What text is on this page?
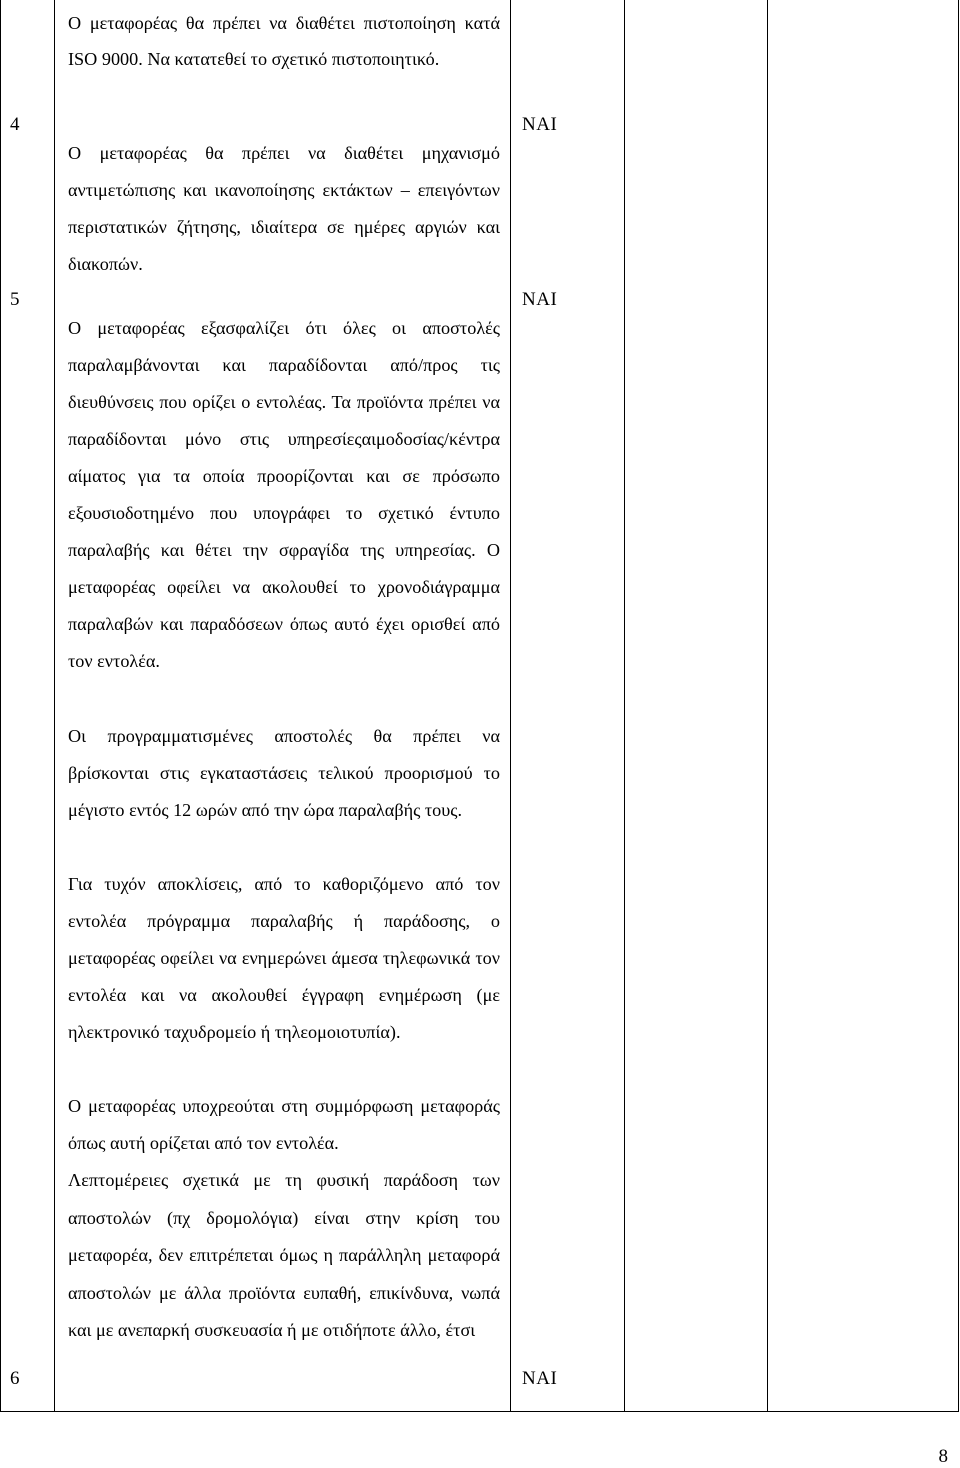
4
Ο μεταφορέας θα πρέπει να διαθέτει πιστοποίηση κατά ISO 9000. Να κατατεθεί το σχετικό πιστοποιητικό.
ΝΑΙ
5
Ο μεταφορέας θα πρέπει να διαθέτει μηχανισμό αντιμετώπισης και ικανοποίησης εκτάκτων – επειγόντων περιστατικών ζήτησης, ιδιαίτερα σε ημέρες αργιών και διακοπών.
ΝΑΙ
6
Ο μεταφορέας εξασφαλίζει ότι όλες οι αποστολές παραλαμβάνονται και παραδίδονται από/προς τις διευθύνσεις που ορίζει ο εντολέας. Τα προϊόντα πρέπει να παραδίδονται μόνο στις υπηρεσίεςαιμοδοσίας/κέντρα αίματος για τα οποία προορίζονται και σε πρόσωπο εξουσιοδοτημένο που υπογράφει το σχετικό έντυπο παραλαβής και θέτει την σφραγίδα της υπηρεσίας. Ο μεταφορέας οφείλει να ακολουθεί το χρονοδιάγραμμα παραλαβών και παραδόσεων όπως αυτό έχει ορισθεί από τον εντολέα.
Οι προγραμματισμένες αποστολές θα πρέπει να βρίσκονται στις εγκαταστάσεις τελικού προορισμού το μέγιστο εντός 12 ωρών από την ώρα παραλαβής τους.
Για τυχόν αποκλίσεις, από το καθοριζόμενο από τον εντολέα πρόγραμμα παραλαβής ή παράδοσης, ο μεταφορέας οφείλει να ενημερώνει άμεσα τηλεφωνικά τον εντολέα και να ακολουθεί έγγραφη ενημέρωση (με ηλεκτρονικό ταχυδρομείο ή τηλεομοιοτυπία).
Ο μεταφορέας υποχρεούται στη συμμόρφωση μεταφοράς όπως αυτή ορίζεται από τον εντολέα.
Λεπτομέρειες σχετικά με τη φυσική παράδοση των αποστολών (πχ δρομολόγια) είναι στην κρίση του μεταφορέα, δεν επιτρέπεται όμως η παράλληλη μεταφορά αποστολών με άλλα προϊόντα ευπαθή, επικίνδυνα, νωπά και με ανεπαρκή συσκευασία ή με οτιδήποτε άλλο, έτσι
ΝΑΙ
8
